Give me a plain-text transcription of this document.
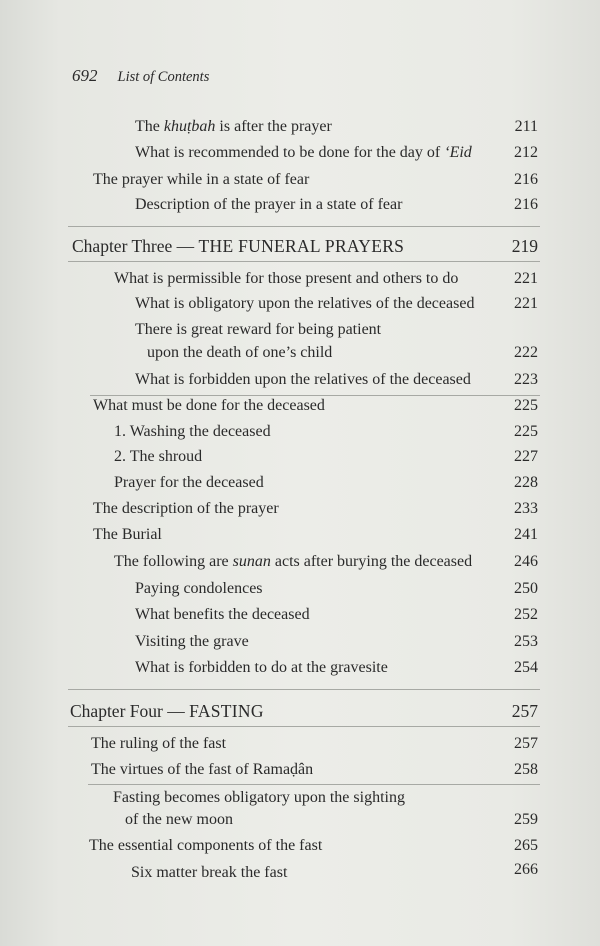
692 List of Contents
The khuṭbah is after the prayer	211
What is recommended to be done for the day of ‘Eid	212
The prayer while in a state of fear	216
Description of the prayer in a state of fear	216
Chapter Three — THE FUNERAL PRAYERS	219
What is permissible for those present and others to do	221
What is obligatory upon the relatives of the deceased	221
There is great reward for being patient
upon the death of one’s child	222
What is forbidden upon the relatives of the deceased	223
What must be done for the deceased	225
1. Washing the deceased	225
2. The shroud	227
Prayer for the deceased	228
The description of the prayer	233
The Burial	241
The following are sunan acts after burying the deceased	246
Paying condolences	250
What benefits the deceased	252
Visiting the grave	253
What is forbidden to do at the gravesite	254
Chapter Four — FASTING	257
The ruling of the fast	257
The virtues of the fast of Ramaḍân	258
Fasting becomes obligatory upon the sighting
of the new moon	259
The essential components of the fast	265
Six matter break the fast	266
